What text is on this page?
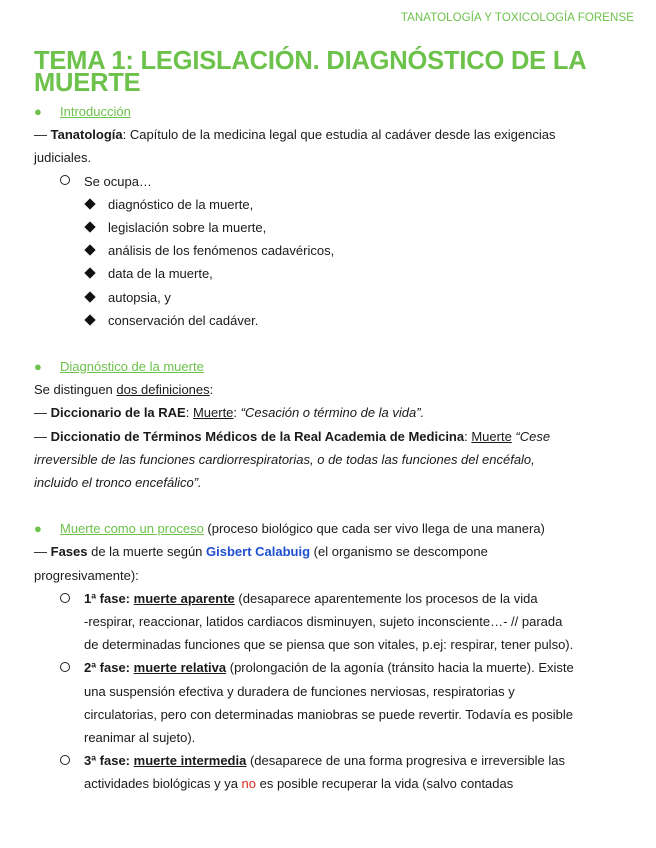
TANATOLOGÍA Y TOXICOLOGÍA FORENSE
TEMA 1: LEGISLACIÓN. DIAGNÓSTICO DE LA MUERTE
● Introducción
— Tanatología: Capítulo de la medicina legal que estudia al cadáver desde las exigencias
judiciales.
Se ocupa…
diagnóstico de la muerte,
legislación sobre la muerte,
análisis de los fenómenos cadavéricos,
data de la muerte,
autopsia, y
conservación del cadáver.
● Diagnóstico de la muerte
Se distinguen dos definiciones:
— Diccionario de la RAE: Muerte: “Cesación o término de la vida”.
— Diccionatio de Términos Médicos de la Real Academia de Medicina: Muerte “Cese
irreversible de las funciones cardiorrespiratorias, o de todas las funciones del encéfalo,
incluido el tronco encefálico”.
● Muerte como un proceso (proceso biológico que cada ser vivo llega de una manera)
— Fases de la muerte según Gisbert Calabuig (el organismo se descompone
progresivamente):
1ª fase: muerte aparente (desaparece aparentemente los procesos de la vida
-respirar, reaccionar, latidos cardiacos disminuyen, sujeto inconsciente…- // parada
de determinadas funciones que se piensa que son vitales, p.ej: respirar, tener pulso).
2ª fase: muerte relativa (prolongación de la agonía (tránsito hacia la muerte). Existe
una suspensión efectiva y duradera de funciones nerviosas, respiratorias y
circulatorias, pero con determinadas maniobras se puede revertir. Todavía es posible
reanimar al sujeto).
3ª fase: muerte intermedia (desaparece de una forma progresiva e irreversible las
actividades biológicas y ya no es posible recuperar la vida (salvo contadas
